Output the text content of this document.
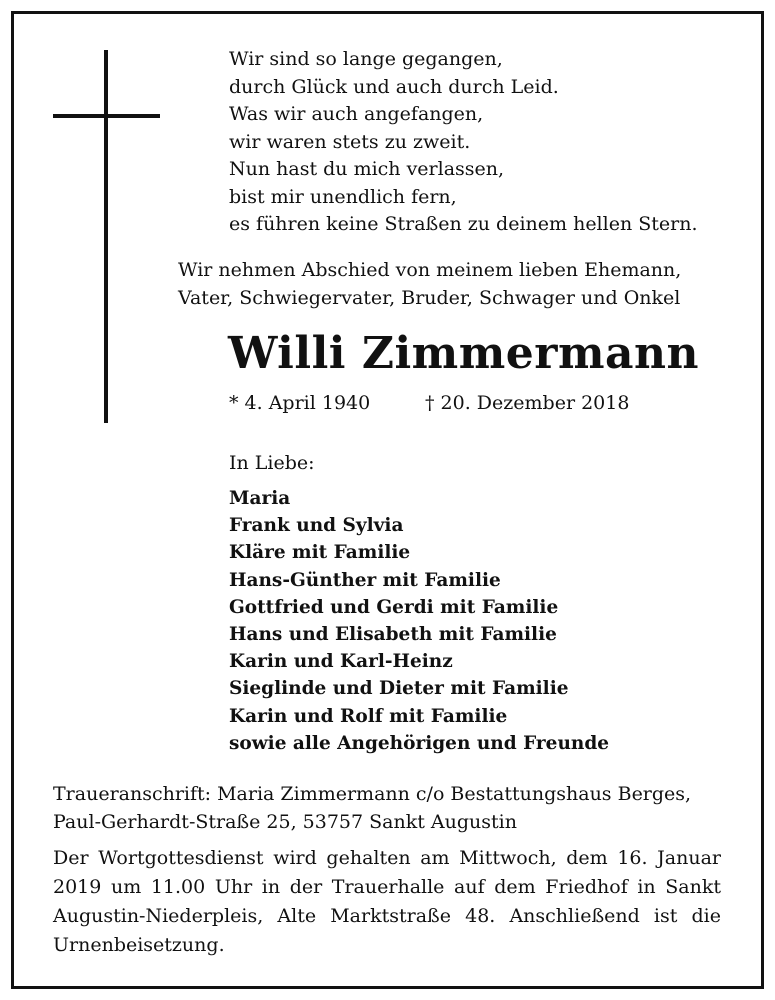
Wir sind so lange gegangen,
durch Glück und auch durch Leid.
Was wir auch angefangen,
wir waren stets zu zweit.
Nun hast du mich verlassen,
bist mir unendlich fern,
es führen keine Straßen zu deinem hellen Stern.
Wir nehmen Abschied von meinem lieben Ehemann,
Vater, Schwiegervater, Bruder, Schwager und Onkel
Willi Zimmermann
* 4. April 1940	† 20. Dezember 2018
In Liebe:
Maria
Frank und Sylvia
Kläre mit Familie
Hans-Günther mit Familie
Gottfried und Gerdi mit Familie
Hans und Elisabeth mit Familie
Karin und Karl-Heinz
Sieglinde und Dieter mit Familie
Karin und Rolf mit Familie
sowie alle Angehörigen und Freunde
Traueranschrift: Maria Zimmermann c/o Bestattungshaus Berges,
Paul-Gerhardt-Straße 25, 53757 Sankt Augustin
Der Wortgottesdienst wird gehalten am Mittwoch, dem 16. Januar 2019 um 11.00 Uhr in der Trauerhalle auf dem Friedhof in Sankt Augustin-Niederpleis, Alte Marktstraße 48. Anschließend ist die Urnenbeisetzung.
